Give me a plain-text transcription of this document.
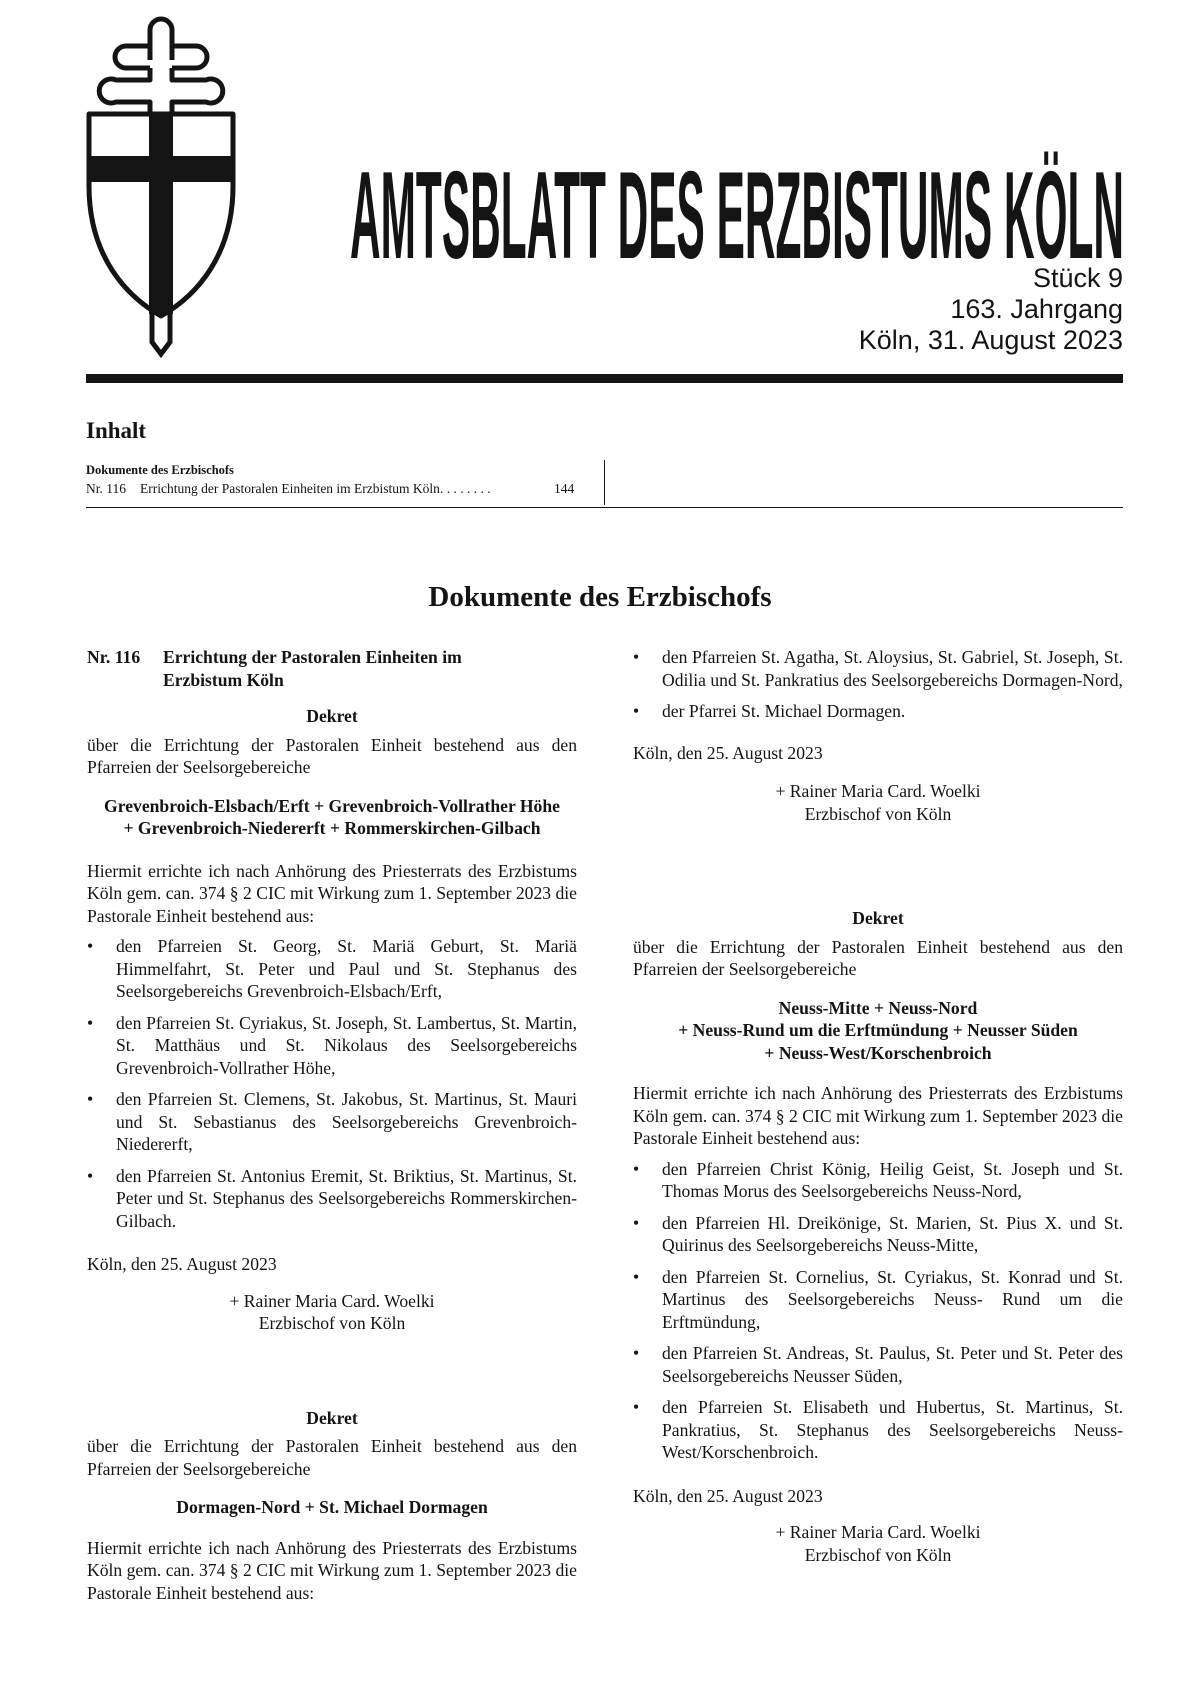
AMTSBLATT DES ERZBISTUMS KÖLN
Stück 9
163. Jahrgang
Köln, 31. August 2023
Inhalt
Dokumente des Erzbischofs
Nr. 116 Errichtung der Pastoralen Einheiten im Erzbistum Köln. . . . . . . .	144
Dokumente des Erzbischofs
Nr. 116	Errichtung der Pastoralen Einheiten im
Erzbistum Köln

Dekret

über die Errichtung der Pastoralen Einheit bestehend aus den Pfarreien der Seelsorgebereiche

Grevenbroich-Elsbach/Erft + Grevenbroich-Vollrather Höhe

+ Grevenbroich-Niedererft + Rommerskirchen-Gilbach

Hiermit errichte ich nach Anhörung des Priesterrats des Erzbistums Köln gem. can. 374 § 2 CIC mit Wirkung zum 1. September 2023 die Pastorale Einheit bestehend aus:

• den Pfarreien St. Georg, St. Mariä Geburt, St. Mariä Himmelfahrt, St. Peter und Paul und St. Stephanus des Seelsorgebereichs Grevenbroich-Elsbach/Erft,
• den Pfarreien St. Cyriakus, St. Joseph, St. Lambertus, St. Martin, St. Matthäus und St. Nikolaus des Seelsorgebereichs Grevenbroich-Vollrather Höhe,
• den Pfarreien St. Clemens, St. Jakobus, St. Martinus, St. Mauri und St. Sebastianus des Seelsorgebereichs Grevenbroich-Niedererft,
• den Pfarreien St. Antonius Eremit, St. Briktius, St. Martinus, St. Peter und St. Stephanus des Seelsorgebereichs Rommerskirchen-Gilbach.

Köln, den 25. August 2023

+ Rainer Maria Card. Woelki

Erzbischof von Köln

Dekret

über die Errichtung der Pastoralen Einheit bestehend aus den Pfarreien der Seelsorgebereiche

Dormagen-Nord + St. Michael Dormagen

Hiermit errichte ich nach Anhörung des Priesterrats des Erzbistums Köln gem. can. 374 § 2 CIC mit Wirkung zum 1. September 2023 die Pastorale Einheit bestehend aus:

• den Pfarreien St. Agatha, St. Aloysius, St. Gabriel, St. Joseph, St. Odilia und St. Pankratius des Seelsorgebereichs Dormagen-Nord,
• der Pfarrei St. Michael Dormagen.

Köln, den 25. August 2023

+ Rainer Maria Card. Woelki

Erzbischof von Köln

Dekret

über die Errichtung der Pastoralen Einheit bestehend aus den Pfarreien der Seelsorgebereiche

Neuss-Mitte + Neuss-Nord

+ Neuss-Rund um die Erftmündung + Neusser Süden

+ Neuss-West/Korschenbroich

Hiermit errichte ich nach Anhörung des Priesterrats des Erzbistums Köln gem. can. 374 § 2 CIC mit Wirkung zum 1. September 2023 die Pastorale Einheit bestehend aus:

• den Pfarreien Christ König, Heilig Geist, St. Joseph und St. Thomas Morus des Seelsorgebereichs Neuss-Nord,
• den Pfarreien Hl. Dreikönige, St. Marien, St. Pius X. und St. Quirinus des Seelsorgebereichs Neuss-Mitte,
• den Pfarreien St. Cornelius, St. Cyriakus, St. Konrad und St. Martinus des Seelsorgebereichs Neuss- Rund um die Erftmündung,
• den Pfarreien St. Andreas, St. Paulus, St. Peter und St. Peter des Seelsorgebereichs Neusser Süden,
• den Pfarreien St. Elisabeth und Hubertus, St. Martinus, St. Pankratius, St. Stephanus des Seelsorgebereichs Neuss-West/Korschenbroich.

Köln, den 25. August 2023

+ Rainer Maria Card. Woelki

Erzbischof von Köln
